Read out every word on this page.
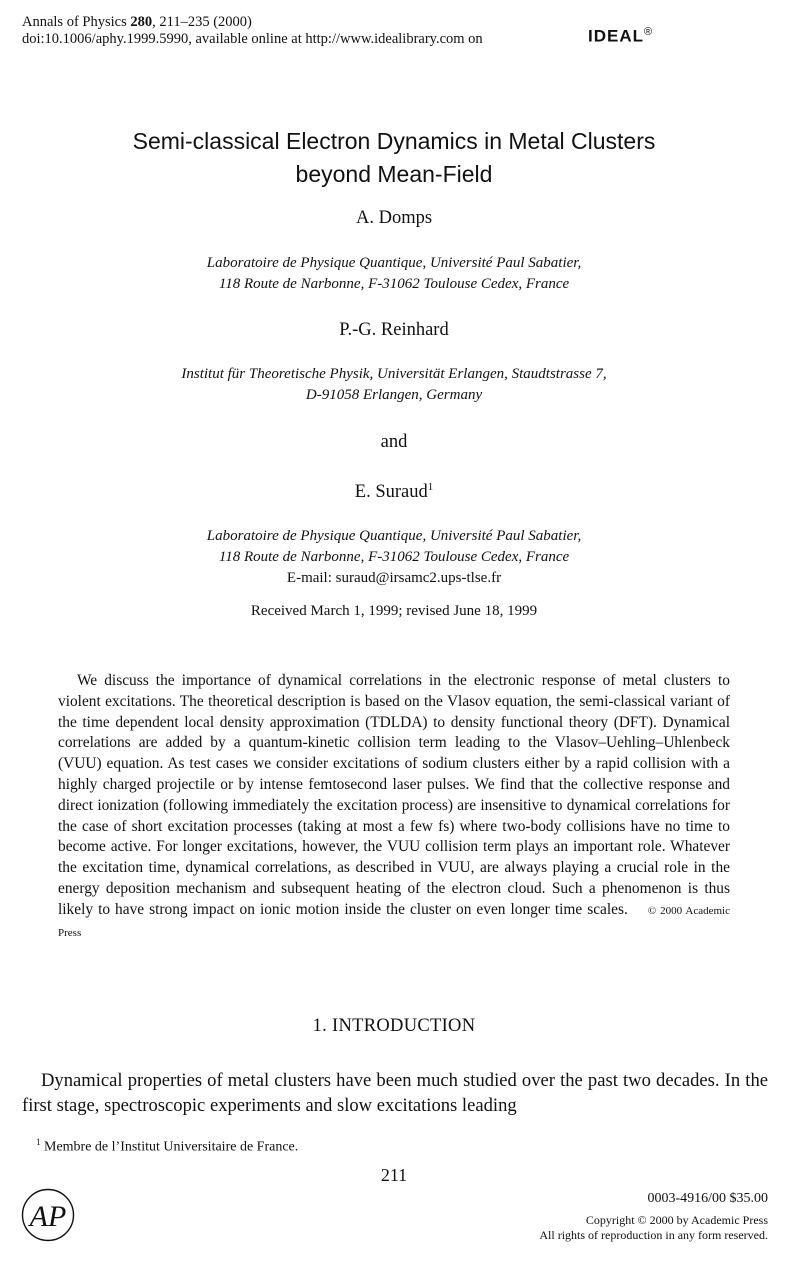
Annals of Physics 280, 211–235 (2000)
doi:10.1006/aphy.1999.5990, available online at http://www.idealibrary.com on	IDEAL®
Semi-classical Electron Dynamics in Metal Clusters
beyond Mean-Field
A. Domps
Laboratoire de Physique Quantique, Université Paul Sabatier,
118 Route de Narbonne, F-31062 Toulouse Cedex, France
P.-G. Reinhard
Institut für Theoretische Physik, Universität Erlangen, Staudtstrasse 7,
D-91058 Erlangen, Germany
and
E. Suraud$^1$
Laboratoire de Physique Quantique, Université Paul Sabatier,
118 Route de Narbonne, F-31062 Toulouse Cedex, France
E-mail: suraud@irsamc2.ups-tlse.fr
Received March 1, 1999; revised June 18, 1999

We discuss the importance of dynamical correlations in the electronic response of metal clusters to violent excitations. The theoretical description is based on the Vlasov equation, the semi-classical variant of the time dependent local density approximation (TDLDA) to density functional theory (DFT). Dynamical correlations are added by a quantum-kinetic collision term leading to the Vlasov–Uehling–Uhlenbeck (VUU) equation. As test cases we consider excitations of sodium clusters either by a rapid collision with a highly charged projectile or by intense femtosecond laser pulses. We find that the collective response and direct ionization (following immediately the excitation process) are insensitive to dynamical correlations for the case of short excitation processes (taking at most a few fs) where two-body collisions have no time to become active. For longer excitations, however, the VUU collision term plays an important role. Whatever the excitation time, dynamical correlations, as described in VUU, are always playing a crucial role in the energy deposition mechanism and subsequent heating of the electron cloud. Such a phenomenon is thus likely to have strong impact on ionic motion inside the cluster on even longer time scales. © 2000 Academic Press

1. INTRODUCTION

Dynamical properties of metal clusters have been much studied over the past two decades. In the first stage, spectroscopic experiments and slow excitations leading

$^1$ Membre de l’Institut Universitaire de France.
211
AP
0003-4916/00 $35.00
Copyright © 2000 by Academic Press
All rights of reproduction in any form reserved.
